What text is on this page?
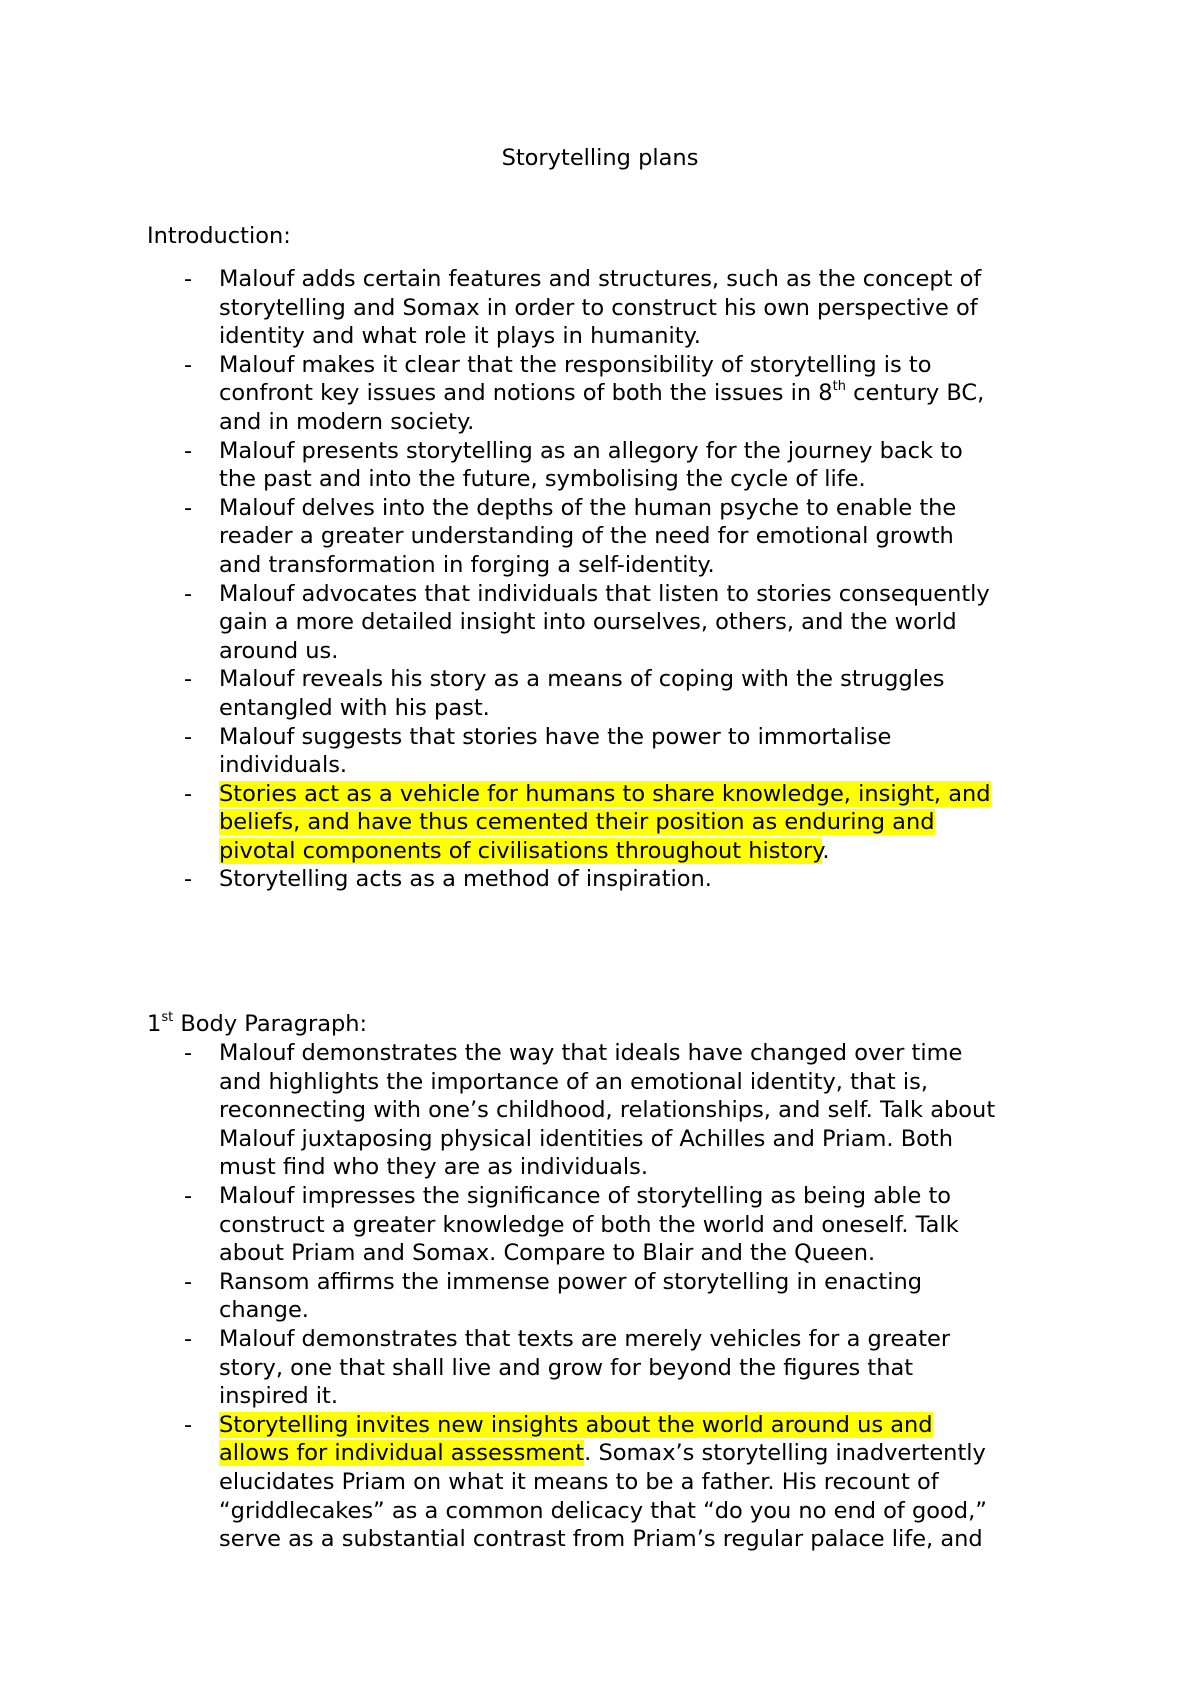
Storytelling plans
Introduction:
- Malouf adds certain features and structures, such as the concept of
storytelling and Somax in order to construct his own perspective of
identity and what role it plays in humanity.
- Malouf makes it clear that the responsibility of storytelling is to
confront key issues and notions of both the issues in 8th century BC,
and in modern society.
- Malouf presents storytelling as an allegory for the journey back to
the past and into the future, symbolising the cycle of life.
- Malouf delves into the depths of the human psyche to enable the
reader a greater understanding of the need for emotional growth
and transformation in forging a self-identity.
- Malouf advocates that individuals that listen to stories consequently
gain a more detailed insight into ourselves, others, and the world
around us.
- Malouf reveals his story as a means of coping with the struggles
entangled with his past.
- Malouf suggests that stories have the power to immortalise
individuals.
- Stories act as a vehicle for humans to share knowledge, insight, and
beliefs, and have thus cemented their position as enduring and
pivotal components of civilisations throughout history.
- Storytelling acts as a method of inspiration.
1st Body Paragraph:
- Malouf demonstrates the way that ideals have changed over time
and highlights the importance of an emotional identity, that is,
reconnecting with one’s childhood, relationships, and self. Talk about
Malouf juxtaposing physical identities of Achilles and Priam. Both
must find who they are as individuals.
- Malouf impresses the significance of storytelling as being able to
construct a greater knowledge of both the world and oneself. Talk
about Priam and Somax. Compare to Blair and the Queen.
- Ransom affirms the immense power of storytelling in enacting
change.
- Malouf demonstrates that texts are merely vehicles for a greater
story, one that shall live and grow for beyond the figures that
inspired it.
- Storytelling invites new insights about the world around us and
allows for individual assessment. Somax’s storytelling inadvertently
elucidates Priam on what it means to be a father. His recount of
“griddlecakes” as a common delicacy that “do you no end of good,”
serve as a substantial contrast from Priam’s regular palace life, and
